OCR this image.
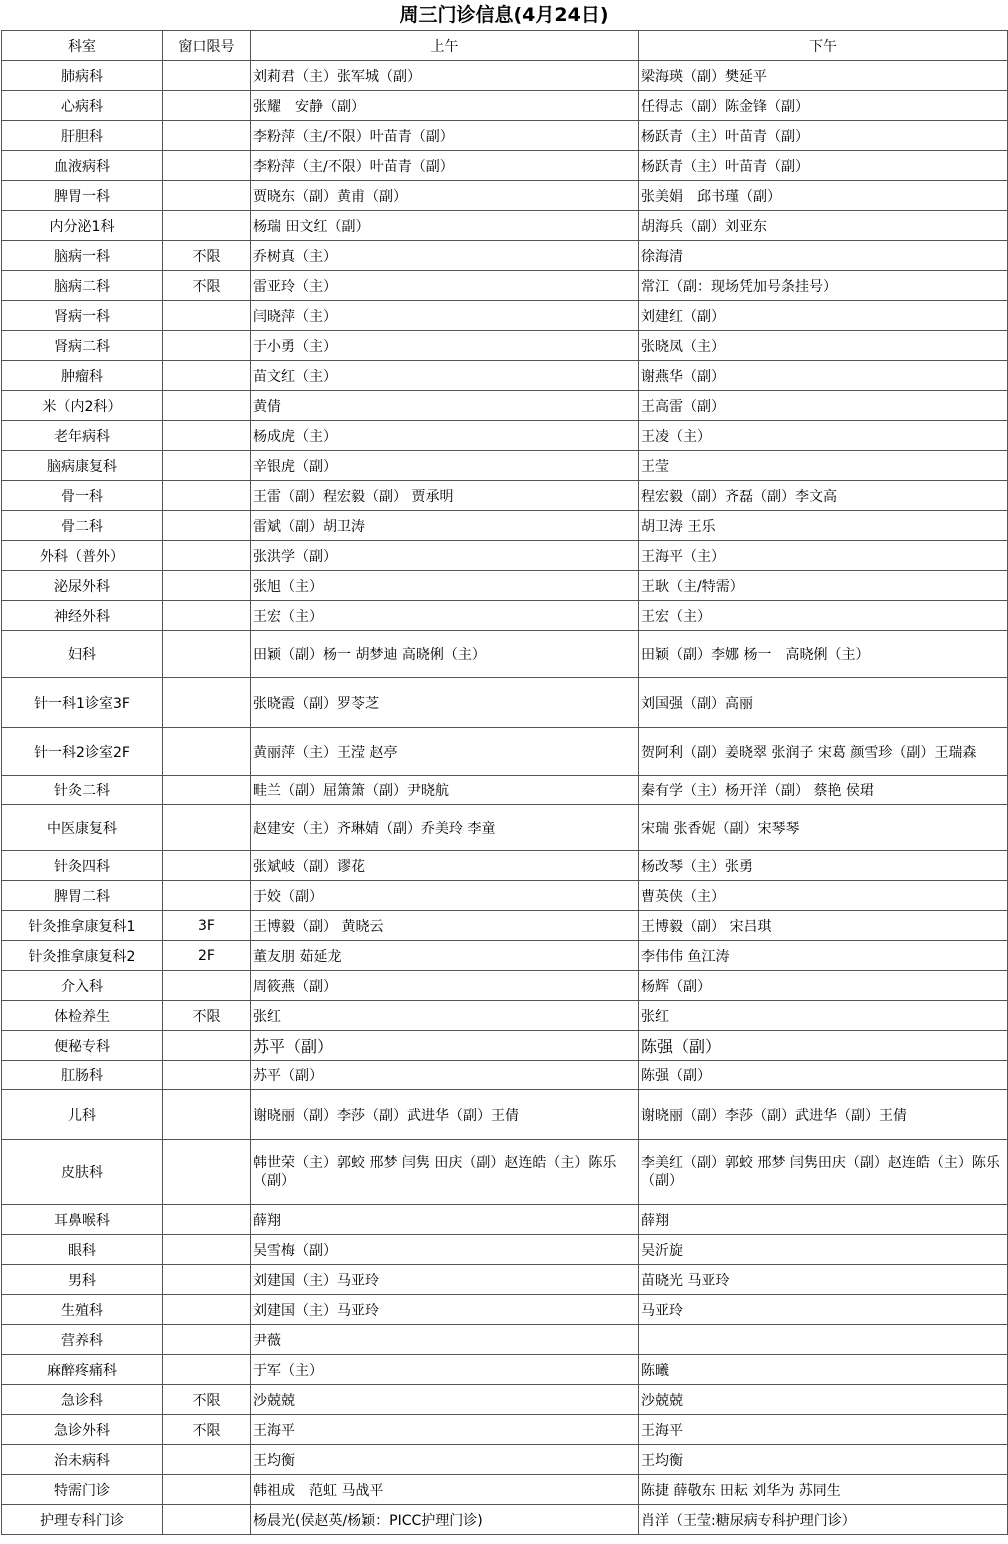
周三门诊信息(4月24日)
科室	窗口限号	上午	下午
肺病科		刘莉君（主）张军城（副）	梁海瑛（副）樊延平
心病科		张耀　安静（副）	任得志（副）陈金锋（副）
肝胆科		李粉萍（主/不限）叶苗青（副）	杨跃青（主）叶苗青（副）
血液病科		李粉萍（主/不限）叶苗青（副）	杨跃青（主）叶苗青（副）
脾胃一科		贾晓东（副）黄甫（副）	张美娟　邱书瑾（副）
内分泌1科		杨瑞 田文红（副）	胡海兵（副）刘亚东
脑病一科	不限	乔树真（主）	徐海清
脑病二科	不限	雷亚玲（主）	常江（副：现场凭加号条挂号）
肾病一科		闫晓萍（主）	刘建红（副）
肾病二科		于小勇（主）	张晓凤（主）
肿瘤科		苗文红（主）	谢燕华（副）
米（内2科）		黄倩	王高雷（副）
老年病科		杨成虎（主）	王凌（主）
脑病康复科		辛银虎（副）	王莹
骨一科		王雷（副）程宏毅（副） 贾承明	程宏毅（副）齐磊（副）李文高
骨二科		雷斌（副）胡卫涛	胡卫涛 王乐
外科（普外）		张洪学（副）	王海平（主）
泌尿外科		张旭（主）	王耿（主/特需）
神经外科		王宏（主）	王宏（主）
妇科		田颖（副）杨一 胡梦迪 高晓俐（主）	田颖（副）李娜 杨一　高晓俐（主）
针一科1诊室3F		张晓霞（副）罗苓芝	刘国强（副）高丽
针一科2诊室2F		黄丽萍（主）王滢 赵亭	贺阿利（副）姜晓翠 张润子 宋葛 颜雪珍（副）王瑞森
针灸二科		畦兰（副）屈箫箫（副）尹晓航	秦有学（主）杨开洋（副） 蔡艳 侯珺
中医康复科		赵建安（主）齐琳婧（副）乔美玲 李童	宋瑞 张香妮（副）宋琴琴
针灸四科		张斌岐（副）谬花	杨改琴（主）张勇
脾胃二科		于姣（副）	曹英侠（主）
针灸推拿康复科1	3F	王博毅（副） 黄晓云	王博毅（副） 宋吕琪
针灸推拿康复科2	2F	董友朋 茹延龙	李伟伟 鱼江涛
介入科		周筱燕（副）	杨辉（副）
体检养生	不限	张红	张红
便秘专科		苏平（副）	陈强（副）
肛肠科		苏平（副）	陈强（副）
儿科		谢晓丽（副）李莎（副）武进华（副）王倩	谢晓丽（副）李莎（副）武进华（副）王倩
皮肤科		韩世荣（主）郭蛟 邢梦 闫隽 田庆（副）赵连皓（主）陈乐（副）	李美红（副）郭蛟 邢梦 闫隽田庆（副）赵连皓（主）陈乐（副）
耳鼻喉科		薛翔	薛翔
眼科		吴雪梅（副）	吴沂旋
男科		刘建国（主）马亚玲	苗晓光 马亚玲
生殖科		刘建国（主）马亚玲	马亚玲
营养科		尹薇	
麻醉疼痛科		于军（主）	陈曦
急诊科	不限	沙兢兢	沙兢兢
急诊外科	不限	王海平	王海平
治未病科		王均衡	王均衡
特需门诊		韩祖成　范虹 马战平	陈捷 薛敬东 田耘 刘华为 苏同生
护理专科门诊		杨晨光(侯赵英/杨颖：PICC护理门诊)	肖洋（王莹:糖尿病专科护理门诊）
